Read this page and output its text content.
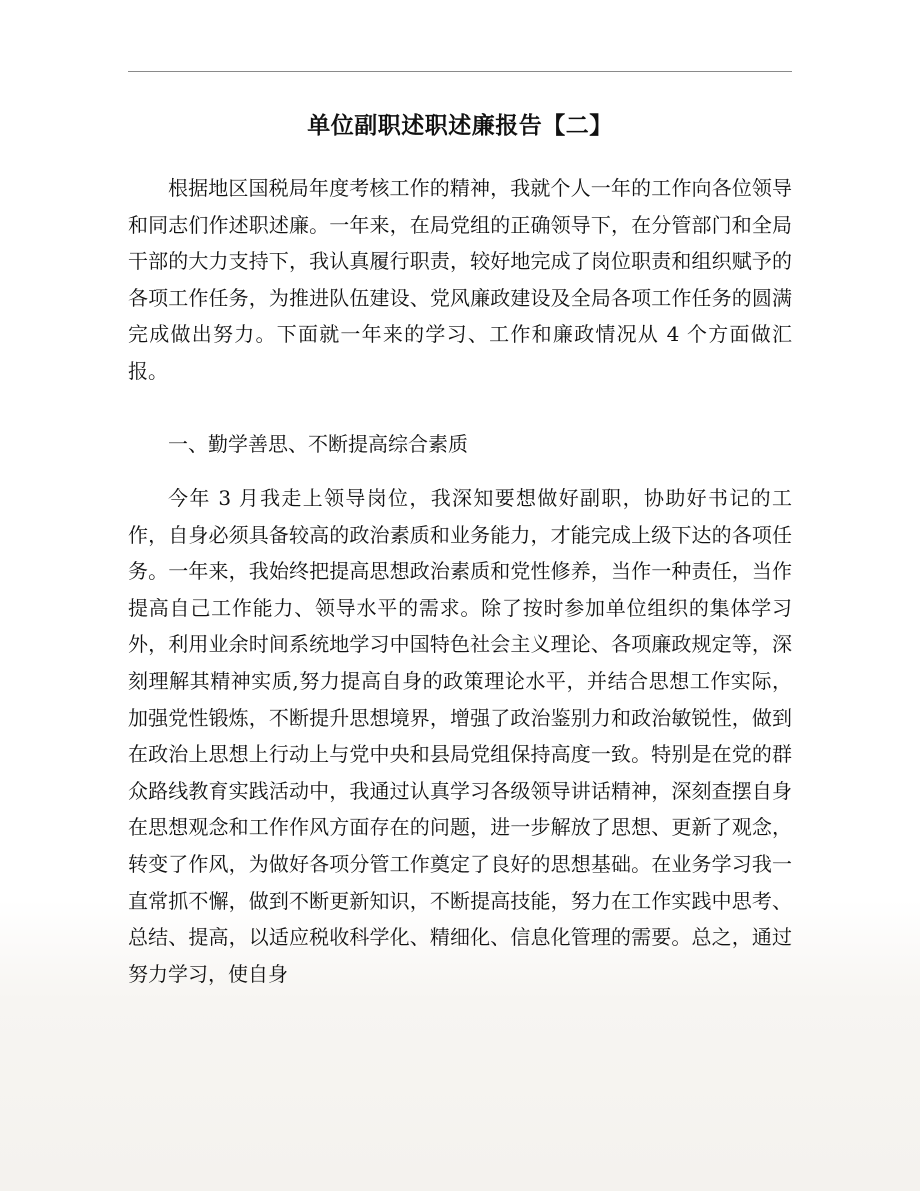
单位副职述职述廉报告【二】

根据地区国税局年度考核工作的精神，我就个人一年的工作向各位领导和同志们作述职述廉。一年来，在局党组的正确领导下，在分管部门和全局干部的大力支持下，我认真履行职责，较好地完成了岗位职责和组织赋予的各项工作任务，为推进队伍建设、党风廉政建设及全局各项工作任务的圆满完成做出努力。下面就一年来的学习、工作和廉政情况从 4 个方面做汇报。

一、勤学善思、不断提高综合素质

今年 3 月我走上领导岗位，我深知要想做好副职，协助好书记的工作，自身必须具备较高的政治素质和业务能力，才能完成上级下达的各项任务。一年来，我始终把提高思想政治素质和党性修养，当作一种责任，当作提高自己工作能力、领导水平的需求。除了按时参加单位组织的集体学习外，利用业余时间系统地学习中国特色社会主义理论、各项廉政规定等，深刻理解其精神实质,努力提高自身的政策理论水平，并结合思想工作实际，加强党性锻炼，不断提升思想境界，增强了政治鉴别力和政治敏锐性，做到在政治上思想上行动上与党中央和县局党组保持高度一致。特别是在党的群众路线教育实践活动中，我通过认真学习各级领导讲话精神，深刻查摆自身在思想观念和工作作风方面存在的问题，进一步解放了思想、更新了观念，转变了作风，为做好各项分管工作奠定了良好的思想基础。在业务学习我一直常抓不懈，做到不断更新知识，不断提高技能，努力在工作实践中思考、总结、提高，以适应税收科学化、精细化、信息化管理的需要。总之，通过努力学习，使自身
